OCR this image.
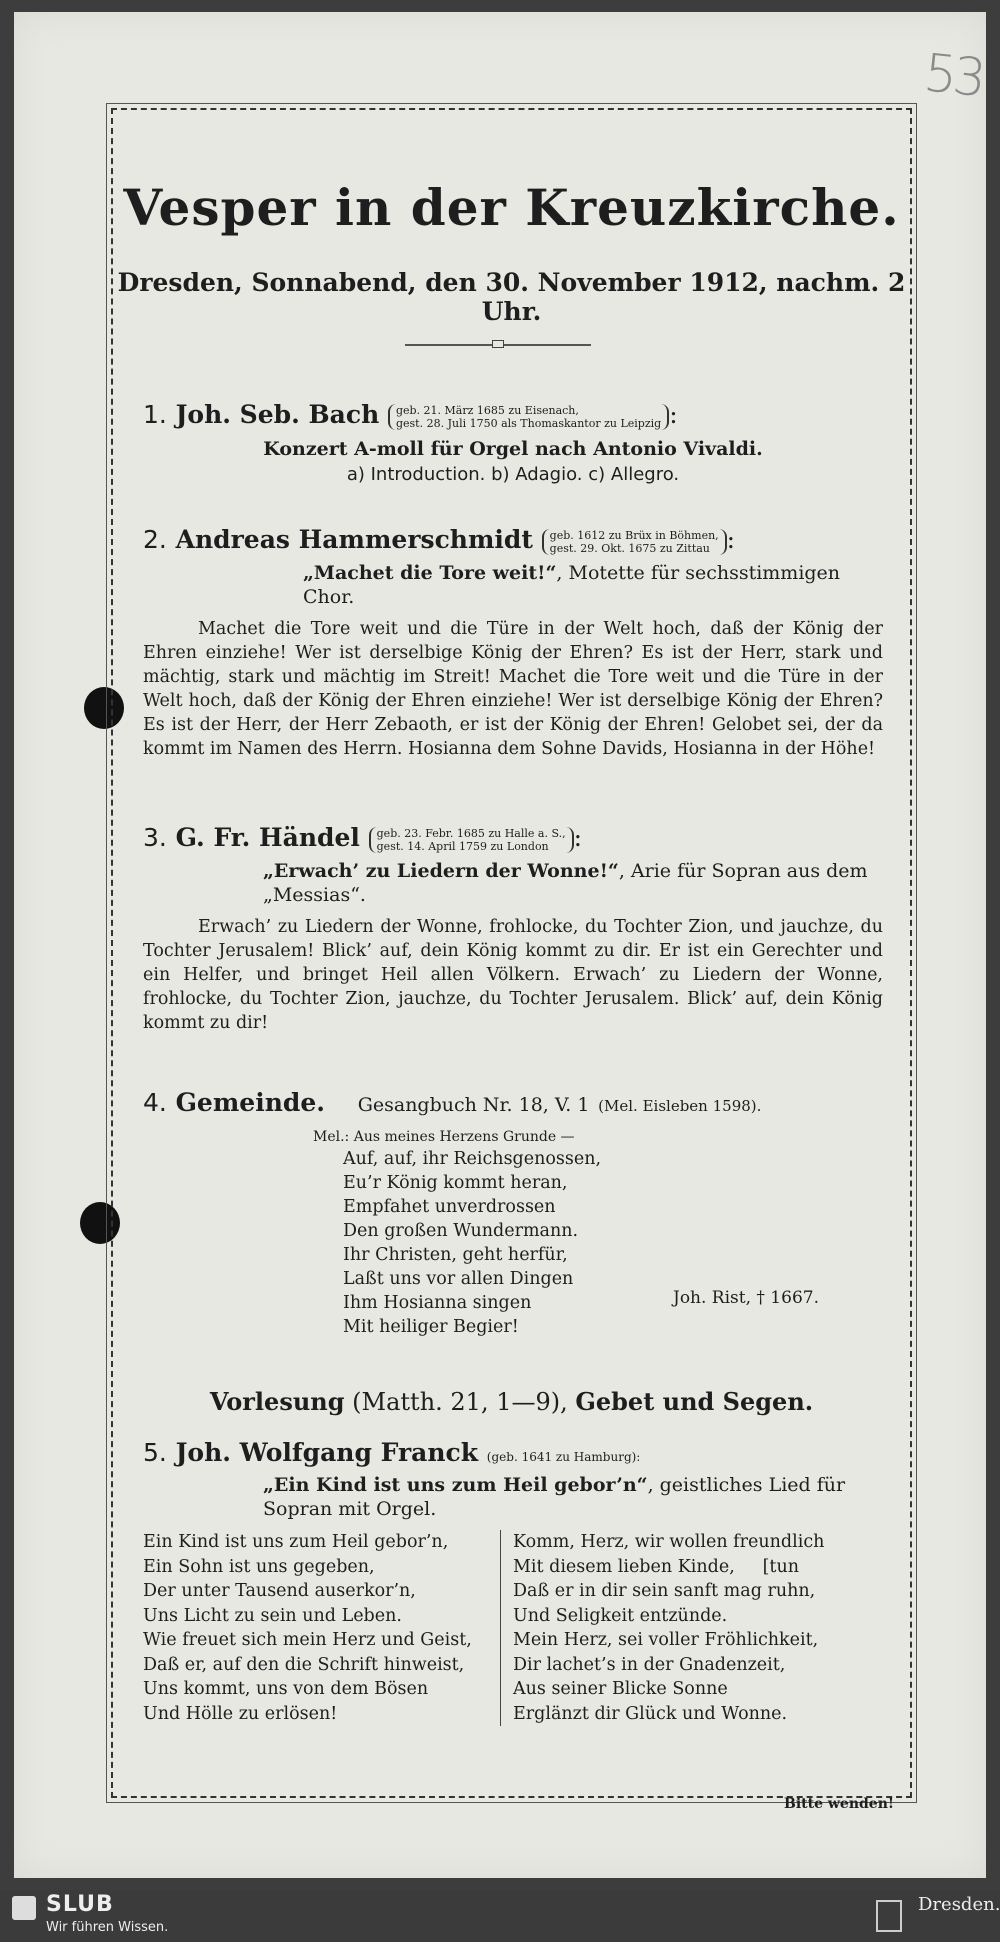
53
Vesper in der Kreuzkirche.
Dresden, Sonnabend, den 30. November 1912, nachm. 2 Uhr.
1. Joh. Seb. Bach geb. 21. März 1685 zu Eisenach,
gest. 28. Juli 1750 als Thomaskantor zu Leipzig :
Konzert A-moll für Orgel nach Antonio Vivaldi.
a) Introduction. b) Adagio. c) Allegro.
2. Andreas Hammerschmidt geb. 1612 zu Brüx in Böhmen,
gest. 29. Okt. 1675 zu Zittau :
„Machet die Tore weit!“, Motette für sechsstimmigen Chor.
Machet die Tore weit und die Türe in der Welt hoch, daß der König der Ehren einziehe! Wer ist derselbige König der Ehren? Es ist der Herr, stark und mächtig, stark und mächtig im Streit! Machet die Tore weit und die Türe in der Welt hoch, daß der König der Ehren einziehe! Wer ist derselbige König der Ehren? Es ist der Herr, der Herr Zebaoth, er ist der König der Ehren! Gelobet sei, der da kommt im Namen des Herrn. Hosianna dem Sohne Davids, Hosianna in der Höhe!
3. G. Fr. Händel geb. 23. Febr. 1685 zu Halle a. S.,
gest. 14. April 1759 zu London :
„Erwach’ zu Liedern der Wonne!“, Arie für Sopran aus dem „Messias“.
Erwach’ zu Liedern der Wonne, frohlocke, du Tochter Zion, und jauchze, du Tochter Jerusalem! Blick’ auf, dein König kommt zu dir. Er ist ein Gerechter und ein Helfer, und bringet Heil allen Völkern. Erwach’ zu Liedern der Wonne, frohlocke, du Tochter Zion, jauchze, du Tochter Jerusalem. Blick’ auf, dein König kommt zu dir!
4. Gemeinde. Gesangbuch Nr. 18, V. 1 (Mel. Eisleben 1598).
Mel.: Aus meines Herzens Grunde —
Auf, auf, ihr Reichsgenossen,
Eu’r König kommt heran,
Empfahet unverdrossen
Den großen Wundermann.
Ihr Christen, geht herfür,
Laßt uns vor allen Dingen
Ihm Hosianna singen
Mit heiliger Begier!
Joh. Rist, † 1667.
Vorlesung (Matth. 21, 1—9), Gebet und Segen.
5. Joh. Wolfgang Franck (geb. 1641 zu Hamburg):
„Ein Kind ist uns zum Heil gebor’n“, geistliches Lied für Sopran mit Orgel.
Ein Kind ist uns zum Heil gebor’n,
Ein Sohn ist uns gegeben,
Der unter Tausend auserkor’n,
Uns Licht zu sein und Leben.
Wie freuet sich mein Herz und Geist,
Daß er, auf den die Schrift hinweist,
Uns kommt, uns von dem Bösen
Und Hölle zu erlösen!
Komm, Herz, wir wollen freundlich
Mit diesem lieben Kinde,     [tun
Daß er in dir sein sanft mag ruhn,
Und Seligkeit entzünde.
Mein Herz, sei voller Fröhlichkeit,
Dir lachet’s in der Gnadenzeit,
Aus seiner Blicke Sonne
Erglänzt dir Glück und Wonne.
Bitte wenden!
SLUB
Wir führen Wissen.
Dresden.
